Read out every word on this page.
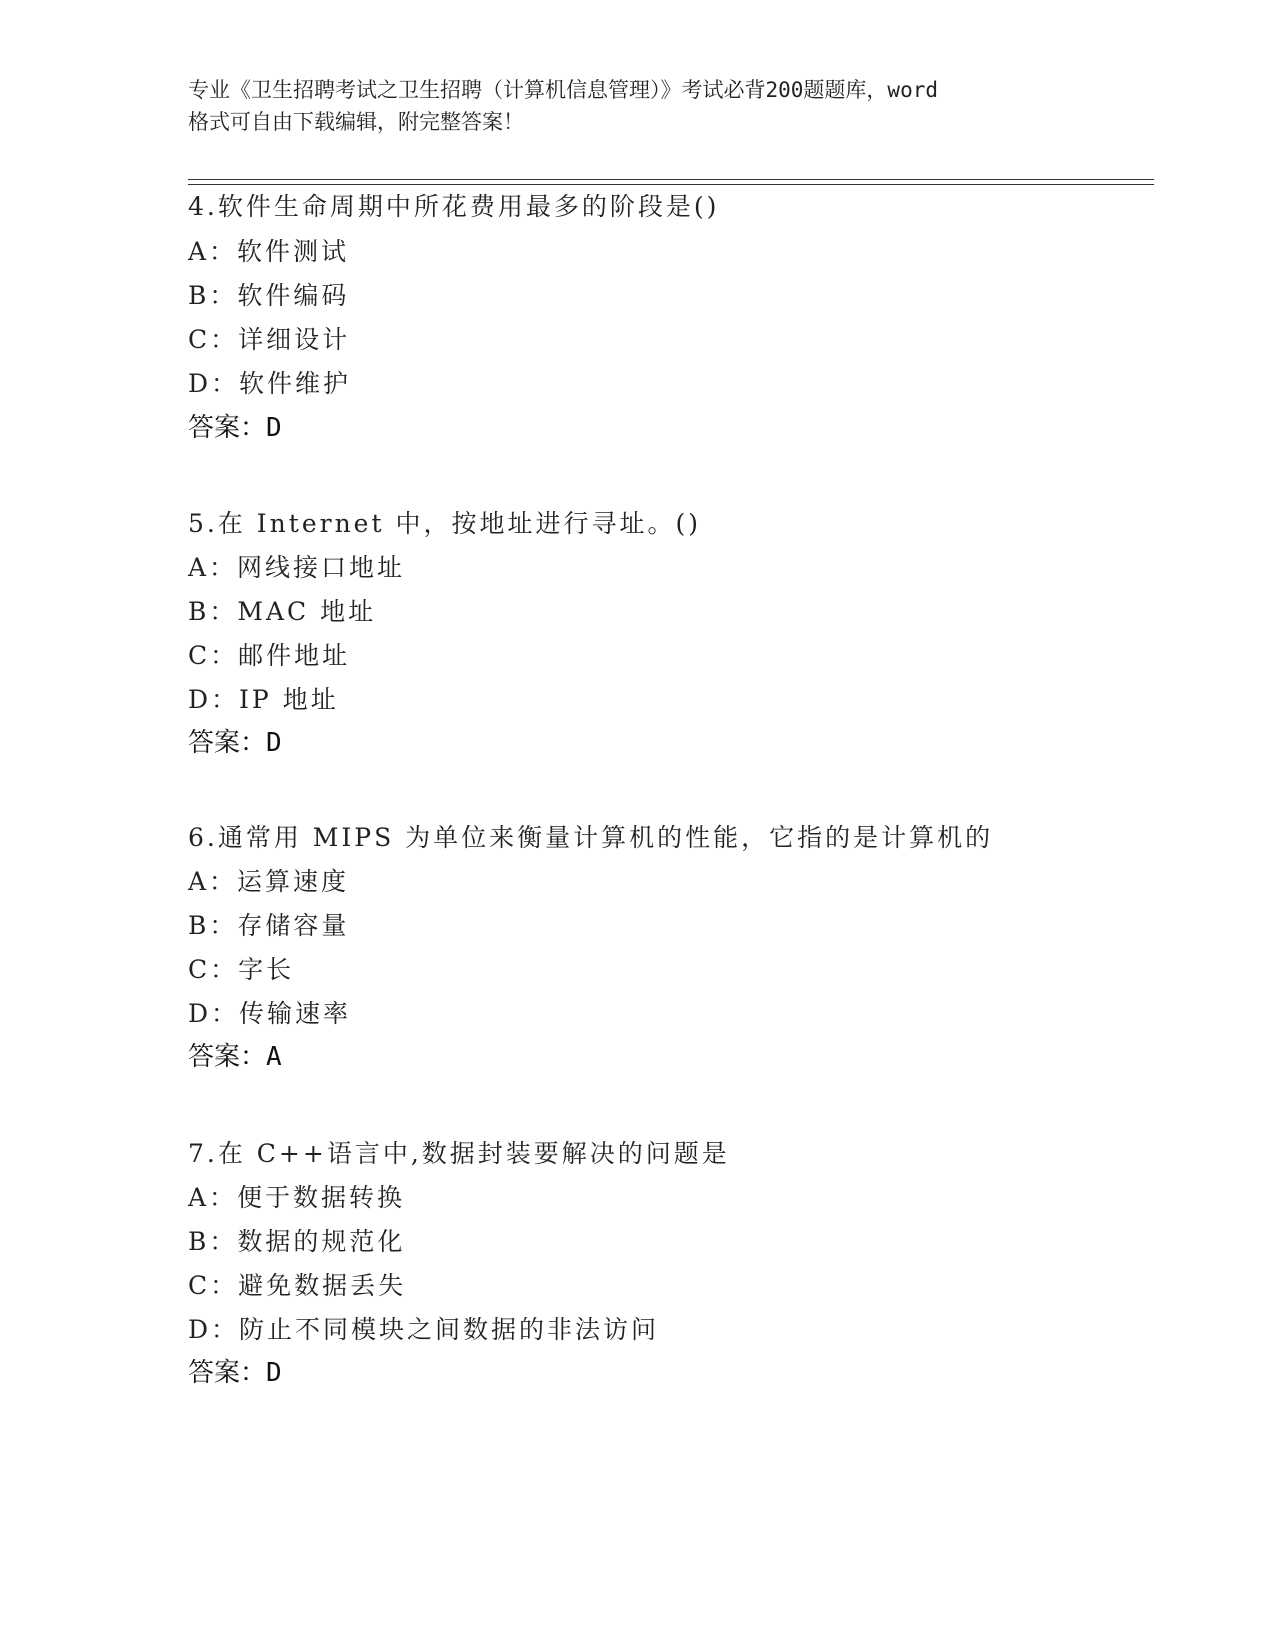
专业《卫生招聘考试之卫生招聘（计算机信息管理）》考试必背200题题库，word
格式可自由下载编辑，附完整答案！
4.软件生命周期中所花费用最多的阶段是()
A：软件测试
B：软件编码
C：详细设计
D：软件维护
答案：D
5.在 Internet 中，按地址进行寻址。()
A：网线接口地址
B：MAC 地址
C：邮件地址
D：IP 地址
答案：D
6.通常用 MIPS 为单位来衡量计算机的性能，它指的是计算机的
A：运算速度
B：存储容量
C：字长
D：传输速率
答案：A
7.在 C++语言中,数据封装要解决的问题是
A：便于数据转换
B：数据的规范化
C：避免数据丢失
D：防止不同模块之间数据的非法访问
答案：D
